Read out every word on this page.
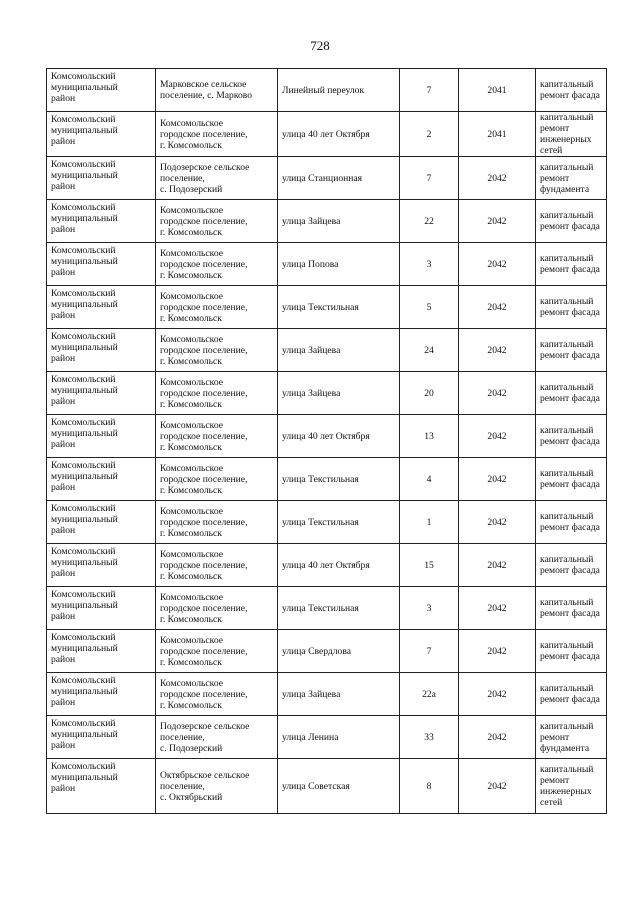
728
Комсомольский
муниципальный
район	Марковское сельское
поселение, с. Марково	Линейный переулок	7	2041	капитальный
ремонт фасада

Комсомольский
муниципальный
район	Комсомольское
городское поселение,
г. Комсомольск	улица 40 лет Октября	2	2041	капитальный
ремонт
инженерных
сетей

Комсомольский
муниципальный
район	Подозерское сельское
поселение,
с. Подозерский	улица Станционная	7	2042	капитальный
ремонт
фундамента

Комсомольский
муниципальный
район	Комсомольское
городское поселение,
г. Комсомольск	улица Зайцева	22	2042	капитальный
ремонт фасада

Комсомольский
муниципальный
район	Комсомольское
городское поселение,
г. Комсомольск	улица Попова	3	2042	капитальный
ремонт фасада

Комсомольский
муниципальный
район	Комсомольское
городское поселение,
г. Комсомольск	улица Текстильная	5	2042	капитальный
ремонт фасада

Комсомольский
муниципальный
район	Комсомольское
городское поселение,
г. Комсомольск	улица Зайцева	24	2042	капитальный
ремонт фасада

Комсомольский
муниципальный
район	Комсомольское
городское поселение,
г. Комсомольск	улица Зайцева	20	2042	капитальный
ремонт фасада

Комсомольский
муниципальный
район	Комсомольское
городское поселение,
г. Комсомольск	улица 40 лет Октября	13	2042	капитальный
ремонт фасада

Комсомольский
муниципальный
район	Комсомольское
городское поселение,
г. Комсомольск	улица Текстильная	4	2042	капитальный
ремонт фасада

Комсомольский
муниципальный
район	Комсомольское
городское поселение,
г. Комсомольск	улица Текстильная	1	2042	капитальный
ремонт фасада

Комсомольский
муниципальный
район	Комсомольское
городское поселение,
г. Комсомольск	улица 40 лет Октября	15	2042	капитальный
ремонт фасада

Комсомольский
муниципальный
район	Комсомольское
городское поселение,
г. Комсомольск	улица Текстильная	3	2042	капитальный
ремонт фасада

Комсомольский
муниципальный
район	Комсомольское
городское поселение,
г. Комсомольск	улица Свердлова	7	2042	капитальный
ремонт фасада

Комсомольский
муниципальный
район	Комсомольское
городское поселение,
г. Комсомольск	улица Зайцева	22а	2042	капитальный
ремонт фасада

Комсомольский
муниципальный
район	Подозерское сельское
поселение,
с. Подозерский	улица Ленина	33	2042	капитальный
ремонт
фундамента

Комсомольский
муниципальный
район	Октябрьское сельское
поселение,
с. Октябрьский	улица Советская	8	2042	капитальный
ремонт
инженерных
сетей
